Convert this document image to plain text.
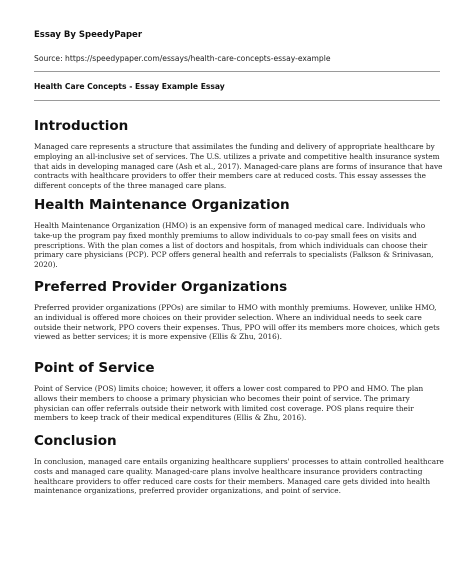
Essay By SpeedyPaper
Source: https://speedypaper.com/essays/health-care-concepts-essay-example
Health Care Concepts - Essay Example Essay
Introduction

Managed care represents a structure that assimilates the funding and delivery of appropriate healthcare by employing an all-inclusive set of services. The U.S. utilizes a private and competitive health insurance system that aids in developing managed care (Ash et al., 2017). Managed-care plans are forms of insurance that have contracts with healthcare providers to offer their members care at reduced costs. This essay assesses the different concepts of the three managed care plans.

Health Maintenance Organization

Health Maintenance Organization (HMO) is an expensive form of managed medical care. Individuals who take-up the program pay fixed monthly premiums to allow individuals to co-pay small fees on visits and prescriptions. With the plan comes a list of doctors and hospitals, from which individuals can choose their primary care physicians (PCP). PCP offers general health and referrals to specialists (Falkson & Srinivasan, 2020).

Preferred Provider Organizations

Preferred provider organizations (PPOs) are similar to HMO with monthly premiums. However, unlike HMO, an individual is offered more choices on their provider selection. Where an individual needs to seek care outside their network, PPO covers their expenses. Thus, PPO will offer its members more choices, which gets viewed as better services; it is more expensive (Ellis & Zhu, 2016).

Point of Service

Point of Service (POS) limits choice; however, it offers a lower cost compared to PPO and HMO. The plan allows their members to choose a primary physician who becomes their point of service. The primary physician can offer referrals outside their network with limited cost coverage. POS plans require their members to keep track of their medical expenditures (Ellis & Zhu, 2016).

Conclusion

In conclusion, managed care entails organizing healthcare suppliers' processes to attain controlled healthcare costs and managed care quality. Managed-care plans involve healthcare insurance providers contracting healthcare providers to offer reduced care costs for their members. Managed care gets divided into health maintenance organizations, preferred provider organizations, and point of service.
